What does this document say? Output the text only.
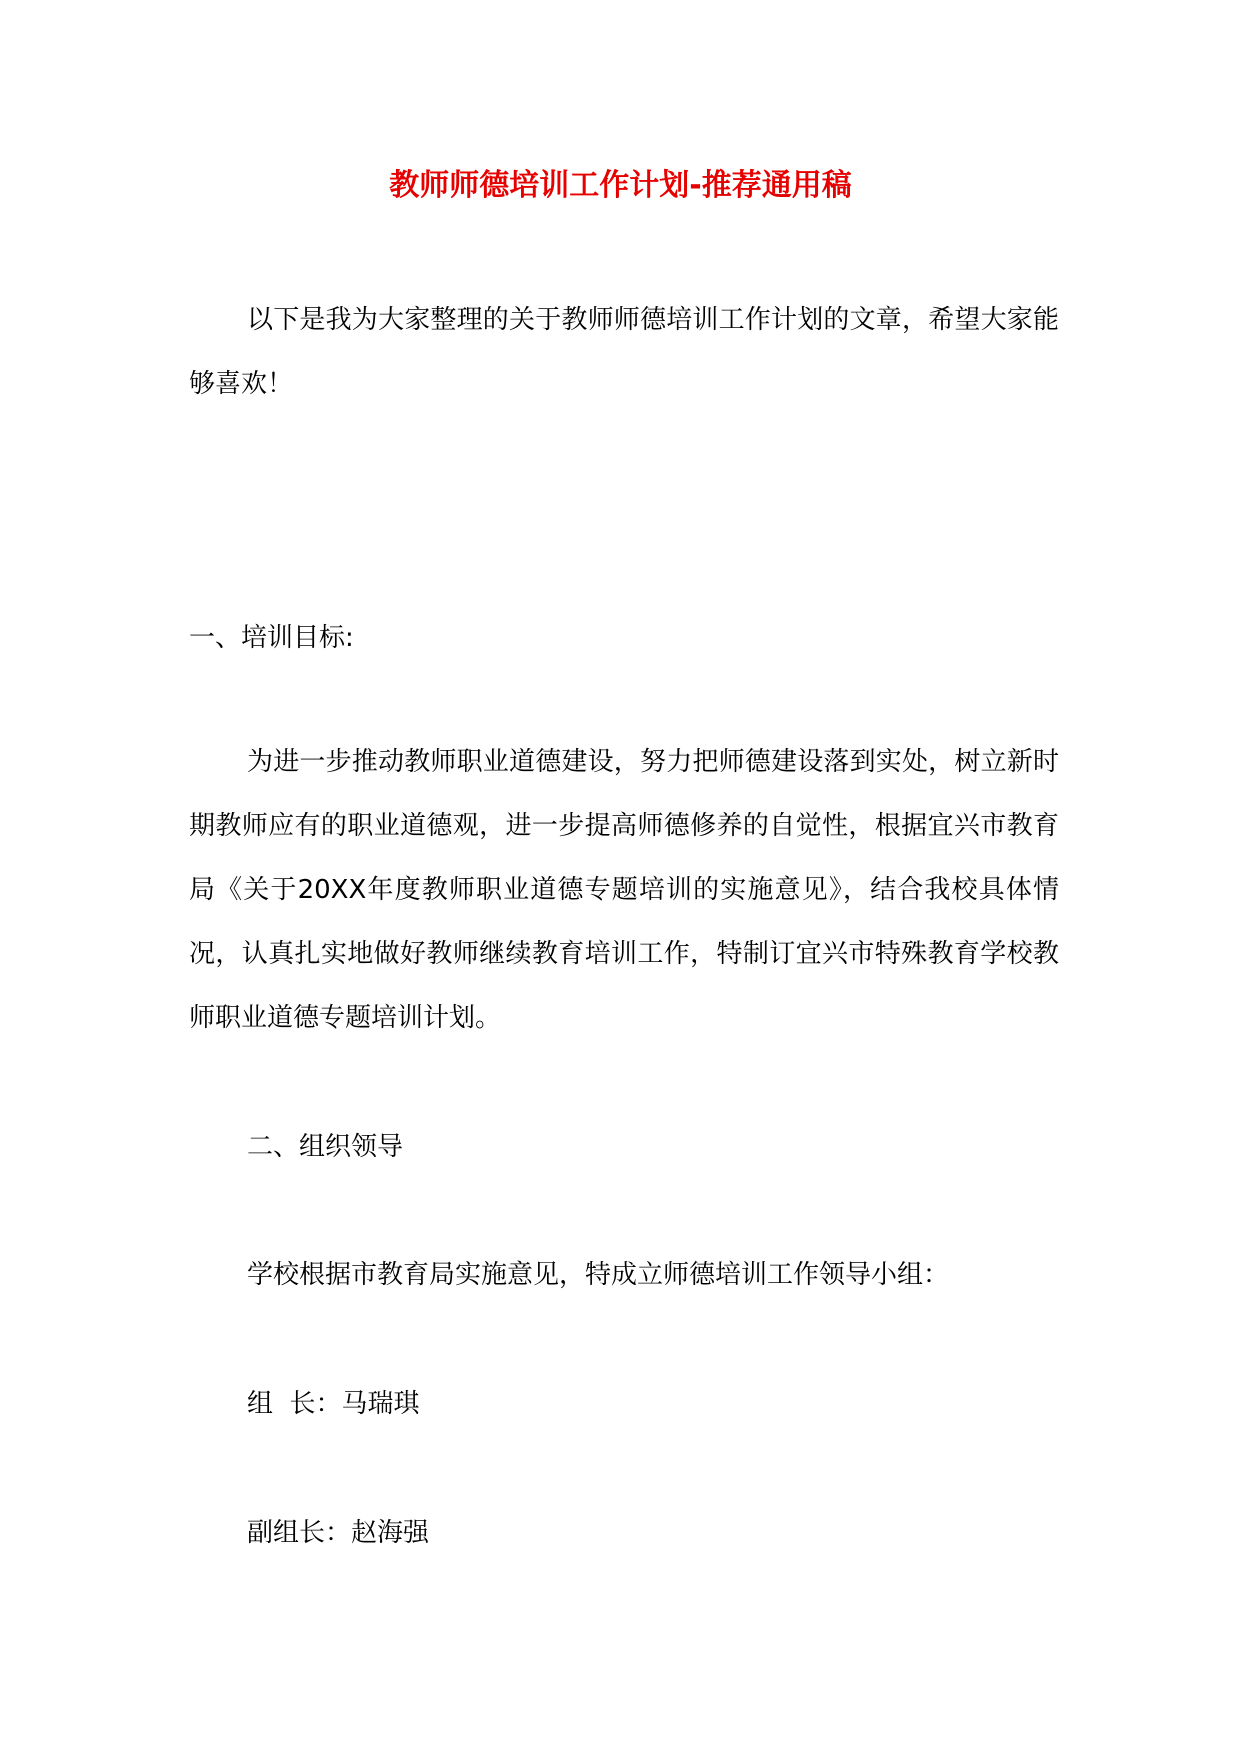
教师师德培训工作计划-推荐通用稿

以下是我为大家整理的关于教师师德培训工作计划的文章，希望大家能够喜欢！

一、培训目标:

为进一步推动教师职业道德建设，努力把师德建设落到实处，树立新时期教师应有的职业道德观，进一步提高师德修养的自觉性，根据宜兴市教育局《关于20XX年度教师职业道德专题培训的实施意见》，结合我校具体情况，认真扎实地做好教师继续教育培训工作，特制订宜兴市特殊教育学校教师职业道德专题培训计划。

二、组织领导

学校根据市教育局实施意见，特成立师德培训工作领导小组：

组  长：马瑞琪

副组长：赵海强
